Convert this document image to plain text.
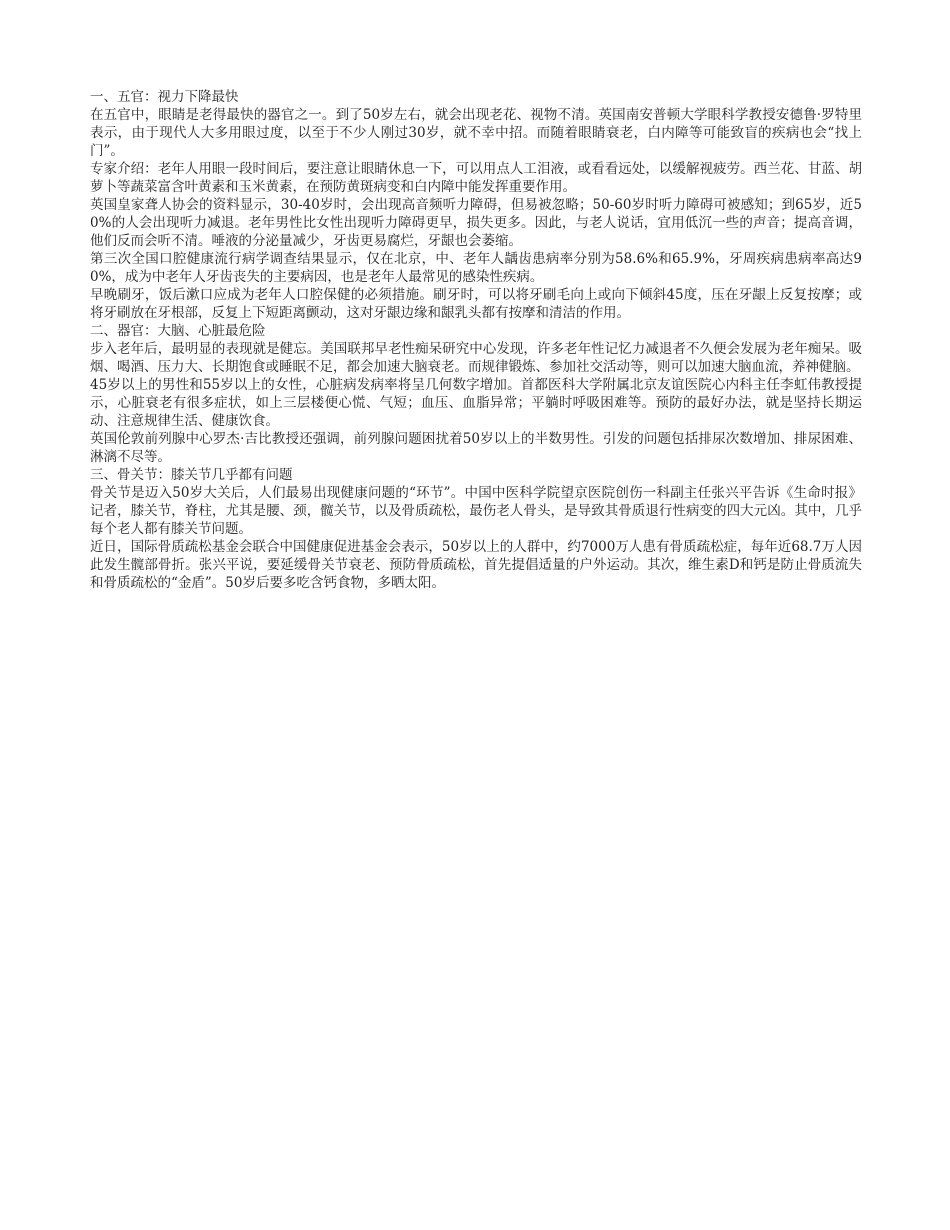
一、五官：视力下降最快

在五官中，眼睛是老得最快的器官之一。到了50岁左右，就会出现老花、视物不清。英国南安普顿大学眼科学教授安德鲁·罗特里表示，由于现代人大多用眼过度，以至于不少人刚过30岁，就不幸中招。而随着眼睛衰老，白内障等可能致盲的疾病也会“找上门”。

专家介绍：老年人用眼一段时间后，要注意让眼睛休息一下，可以用点人工泪液，或看看远处，以缓解视疲劳。西兰花、甘蓝、胡萝卜等蔬菜富含叶黄素和玉米黄素，在预防黄斑病变和白内障中能发挥重要作用。

英国皇家聋人协会的资料显示，30-40岁时，会出现高音频听力障碍，但易被忽略；50-60岁时听力障碍可被感知；到65岁，近50%的人会出现听力减退。老年男性比女性出现听力障碍更早，损失更多。因此，与老人说话，宜用低沉一些的声音；提高音调，他们反而会听不清。唾液的分泌量减少，牙齿更易腐烂，牙龈也会萎缩。

第三次全国口腔健康流行病学调查结果显示，仅在北京，中、老年人龋齿患病率分别为58.6%和65.9%，牙周疾病患病率高达90%，成为中老年人牙齿丧失的主要病因，也是老年人最常见的感染性疾病。

早晚刷牙，饭后漱口应成为老年人口腔保健的必须措施。刷牙时，可以将牙刷毛向上或向下倾斜45度，压在牙龈上反复按摩；或将牙刷放在牙根部，反复上下短距离颤动，这对牙龈边缘和龈乳头都有按摩和清洁的作用。

二、器官：大脑、心脏最危险

步入老年后，最明显的表现就是健忘。美国联邦早老性痴呆研究中心发现，许多老年性记忆力减退者不久便会发展为老年痴呆。吸烟、喝酒、压力大、长期饱食或睡眠不足，都会加速大脑衰老。而规律锻炼、参加社交活动等，则可以加速大脑血流，养神健脑。

45岁以上的男性和55岁以上的女性，心脏病发病率将呈几何数字增加。首都医科大学附属北京友谊医院心内科主任李虹伟教授提示，心脏衰老有很多症状，如上三层楼便心慌、气短；血压、血脂异常；平躺时呼吸困难等。预防的最好办法，就是坚持长期运动、注意规律生活、健康饮食。

英国伦敦前列腺中心罗杰·吉比教授还强调，前列腺问题困扰着50岁以上的半数男性。引发的问题包括排尿次数增加、排尿困难、淋漓不尽等。

三、骨关节：膝关节几乎都有问题

骨关节是迈入50岁大关后，人们最易出现健康问题的“环节”。中国中医科学院望京医院创伤一科副主任张兴平告诉《生命时报》记者，膝关节，脊柱，尤其是腰、颈，髋关节，以及骨质疏松，最伤老人骨头，是导致其骨质退行性病变的四大元凶。其中，几乎每个老人都有膝关节问题。

近日，国际骨质疏松基金会联合中国健康促进基金会表示，50岁以上的人群中，约7000万人患有骨质疏松症，每年近68.7万人因此发生髋部骨折。张兴平说，要延缓骨关节衰老、预防骨质疏松，首先提倡适量的户外运动。其次，维生素D和钙是防止骨质流失和骨质疏松的“金盾”。50岁后要多吃含钙食物，多晒太阳。
